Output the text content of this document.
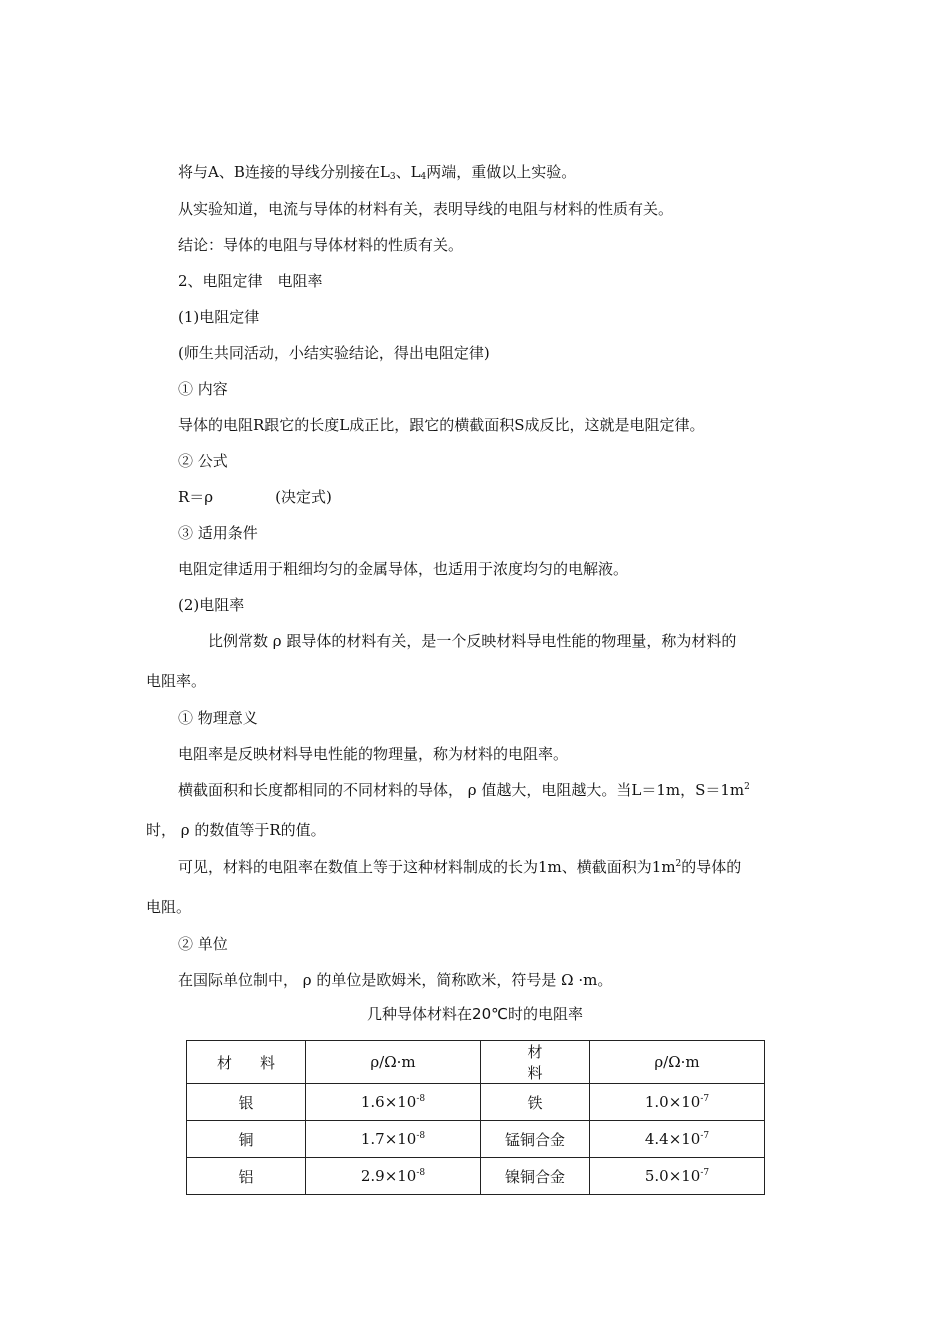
将与A、B连接的导线分别接在$L_3$、$L_4$两端，重做以上实验。
从实验知道，电流与导体的材料有关，表明导线的电阻与材料的性质有关。
结论：导体的电阻与导体材料的性质有关。
2、电阻定律　电阻率
(1)电阻定律
(师生共同活动，小结实验结论，得出电阻定律)
① 内容
导体的电阻R跟它的长度L成正比，跟它的横截面积S成反比，这就是电阻定律。
② 公式
R＝ρ	(决定式)
③ 适用条件
电阻定律适用于粗细均匀的金属导体，也适用于浓度均匀的电解液。
(2)电阻率
比例常数 ρ 跟导体的材料有关，是一个反映材料导电性能的物理量，称为材料的
电阻率。
① 物理意义
电阻率是反映材料导电性能的物理量，称为材料的电阻率。
横截面积和长度都相同的不同材料的导体， ρ 值越大，电阻越大。当L＝1m，$S=1m^2$
时， ρ 的数值等于R的值。
可见，材料的电阻率在数值上等于这种材料制成的长为1m、横截面积为$1m^2$的导体的
电阻。
② 单位
在国际单位制中， ρ 的单位是欧姆米，简称欧米，符号是 Ω ·m。
几种导体材料在20℃时的电阻率
材料	ρ/Ω·m	材料	ρ/Ω·m
银	$1.6\times 10^{-8}$	铁	$1.0\times 10^{-7}$
铜	$1.7\times 10^{-8}$	锰铜合金	$4.4\times 10^{-7}$
铝	$2.9\times 10^{-8}$	镍铜合金	$5.0\times 10^{-7}$
